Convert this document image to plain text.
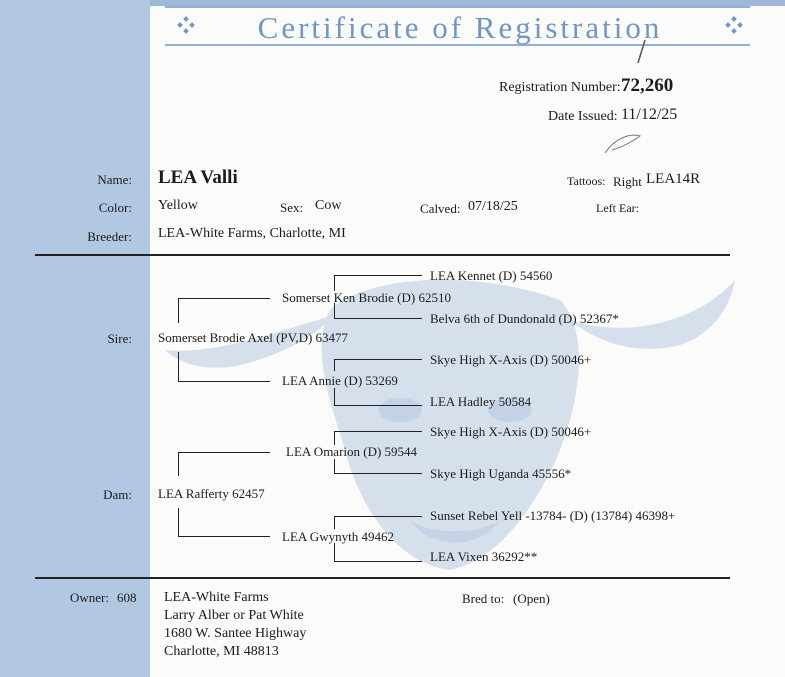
Certificate of Registration
Registration Number: 72,260
Date Issued: 11/12/25
Name: LEA Valli	Tattoos: Right LEA14R
Color: Yellow	Sex: Cow	Calved: 07/18/25	Left Ear:
Breeder: LEA-White Farms, Charlotte, MI
LEA Kennet (D) 54560
Somerset Ken Brodie (D) 62510
Belva 6th of Dundonald (D) 52367*
Sire: Somerset Brodie Axel (PV,D) 63477
Skye High X-Axis (D) 50046+
LEA Annie (D) 53269
LEA Hadley 50584
Skye High X-Axis (D) 50046+
LEA Omarion (D) 59544
Skye High Uganda 45556*
Dam: LEA Rafferty 62457
Sunset Rebel Yell -13784- (D) (13784) 46398+
LEA Gwynyth 49462
LEA Vixen 36292**
Owner: 608 LEA-White Farms
Larry Alber or Pat White
1680 W. Santee Highway
Charlotte, MI 48813
Bred to: (Open)
